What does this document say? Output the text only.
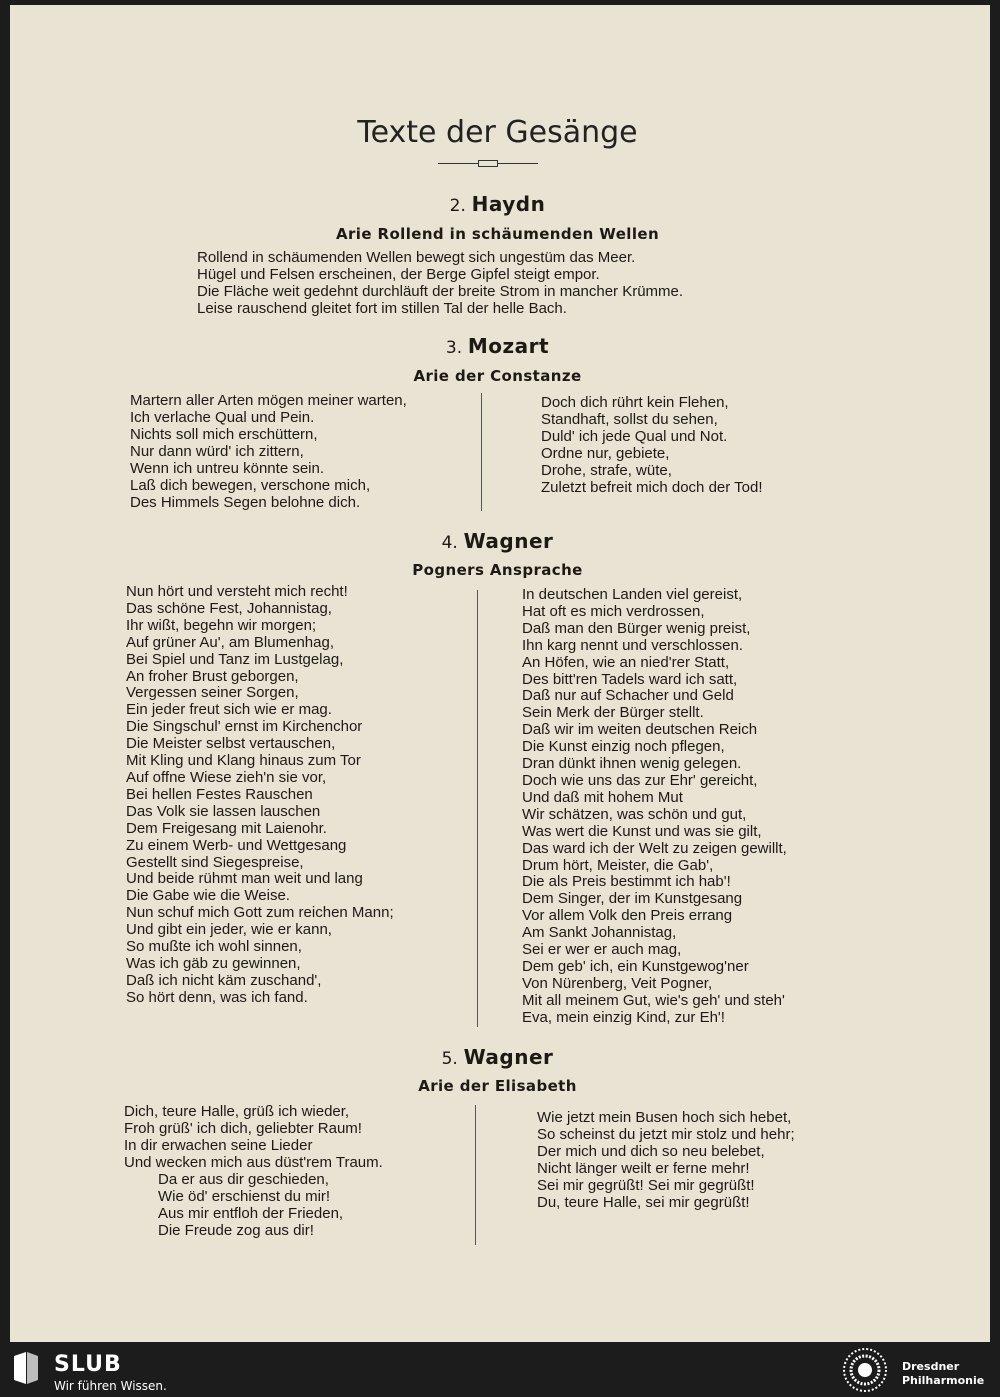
Texte der Gesänge
2. Haydn
Arie Rollend in schäumenden Wellen
Rollend in schäumenden Wellen bewegt sich ungestüm das Meer.
Hügel und Felsen erscheinen, der Berge Gipfel steigt empor.
Die Fläche weit gedehnt durchläuft der breite Strom in mancher Krümme.
Leise rauschend gleitet fort im stillen Tal der helle Bach.
3. Mozart
Arie der Constanze
Martern aller Arten mögen meiner warten,
Ich verlache Qual und Pein.
Nichts soll mich erschüttern,
Nur dann würd' ich zittern,
Wenn ich untreu könnte sein.
Laß dich bewegen, verschone mich,
Des Himmels Segen belohne dich.
Doch dich rührt kein Flehen,
Standhaft, sollst du sehen,
Duld' ich jede Qual und Not.
Ordne nur, gebiete,
Drohe, strafe, wüte,
Zuletzt befreit mich doch der Tod!
4. Wagner
Pogners Ansprache
Nun hört und versteht mich recht!
Das schöne Fest, Johannistag,
Ihr wißt, begehn wir morgen;
Auf grüner Au', am Blumenhag,
Bei Spiel und Tanz im Lustgelag,
An froher Brust geborgen,
Vergessen seiner Sorgen,
Ein jeder freut sich wie er mag.
Die Singschul' ernst im Kirchenchor
Die Meister selbst vertauschen,
Mit Kling und Klang hinaus zum Tor
Auf offne Wiese zieh'n sie vor,
Bei hellen Festes Rauschen
Das Volk sie lassen lauschen
Dem Freigesang mit Laienohr.
Zu einem Werb- und Wettgesang
Gestellt sind Siegespreise,
Und beide rühmt man weit und lang
Die Gabe wie die Weise.
Nun schuf mich Gott zum reichen Mann;
Und gibt ein jeder, wie er kann,
So mußte ich wohl sinnen,
Was ich gäb zu gewinnen,
Daß ich nicht käm zuschand',
So hört denn, was ich fand.
In deutschen Landen viel gereist,
Hat oft es mich verdrossen,
Daß man den Bürger wenig preist,
Ihn karg nennt und verschlossen.
An Höfen, wie an nied'rer Statt,
Des bitt'ren Tadels ward ich satt,
Daß nur auf Schacher und Geld
Sein Merk der Bürger stellt.
Daß wir im weiten deutschen Reich
Die Kunst einzig noch pflegen,
Dran dünkt ihnen wenig gelegen.
Doch wie uns das zur Ehr' gereicht,
Und daß mit hohem Mut
Wir schätzen, was schön und gut,
Was wert die Kunst und was sie gilt,
Das ward ich der Welt zu zeigen gewillt,
Drum hört, Meister, die Gab',
Die als Preis bestimmt ich hab'!
Dem Singer, der im Kunstgesang
Vor allem Volk den Preis errang
Am Sankt Johannistag,
Sei er wer er auch mag,
Dem geb' ich, ein Kunstgewog'ner
Von Nürenberg, Veit Pogner,
Mit all meinem Gut, wie's geh' und steh'
Eva, mein einzig Kind, zur Eh'!
5. Wagner
Arie der Elisabeth
Dich, teure Halle, grüß ich wieder,
Froh grüß' ich dich, geliebter Raum!
In dir erwachen seine Lieder
Und wecken mich aus düst'rem Traum.
Da er aus dir geschieden,
Wie öd' erschienst du mir!
Aus mir entfloh der Frieden,
Die Freude zog aus dir!
Wie jetzt mein Busen hoch sich hebet,
So scheinst du jetzt mir stolz und hehr;
Der mich und dich so neu belebet,
Nicht länger weilt er ferne mehr!
Sei mir gegrüßt! Sei mir gegrüßt!
Du, teure Halle, sei mir gegrüßt!
SLUB
Wir führen Wissen.
Dresdner
Philharmonie
